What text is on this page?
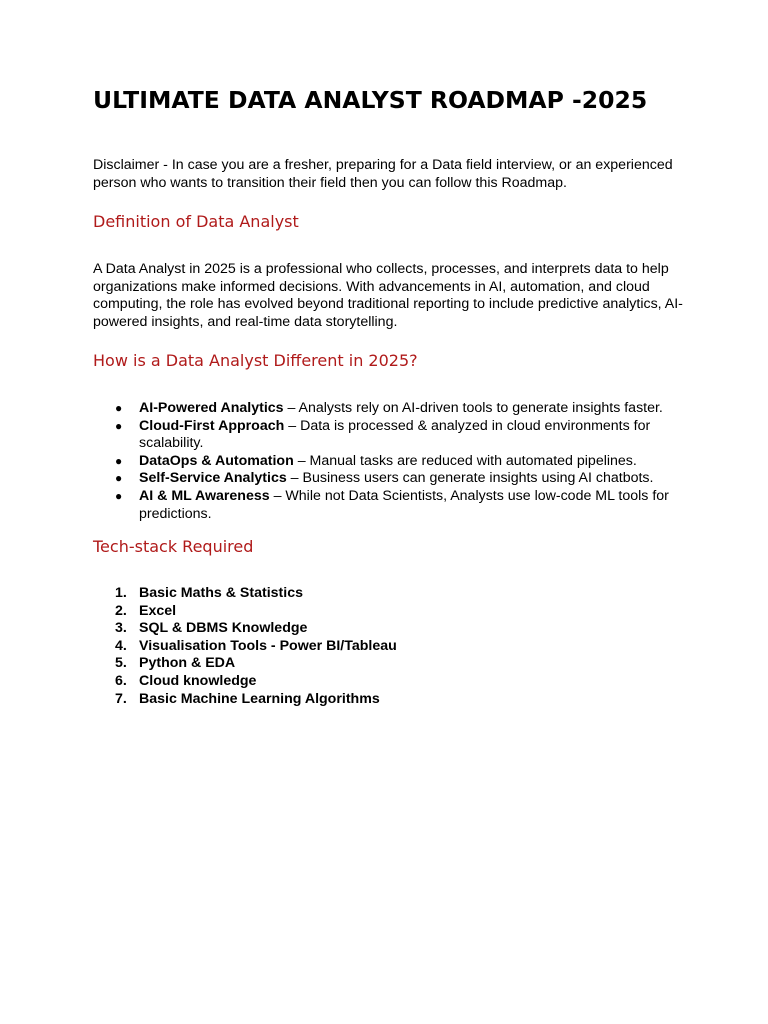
ULTIMATE DATA ANALYST ROADMAP -2025

Disclaimer - In case you are a fresher, preparing for a Data field interview, or an experienced person who wants to transition their field then you can follow this Roadmap.

Definition of Data Analyst

A Data Analyst in 2025 is a professional who collects, processes, and interprets data to help organizations make informed decisions. With advancements in AI, automation, and cloud computing, the role has evolved beyond traditional reporting to include predictive analytics, AI-powered insights, and real-time data storytelling.

How is a Data Analyst Different in 2025?
● AI-Powered Analytics – Analysts rely on AI-driven tools to generate insights faster.
● Cloud-First Approach – Data is processed & analyzed in cloud environments for scalability.
● DataOps & Automation – Manual tasks are reduced with automated pipelines.
● Self-Service Analytics – Business users can generate insights using AI chatbots.
● AI & ML Awareness – While not Data Scientists, Analysts use low-code ML tools for predictions.
Tech-stack Required
1. Basic Maths & Statistics
2. Excel
3. SQL & DBMS Knowledge
4. Visualisation Tools - Power BI/Tableau
5. Python & EDA
6. Cloud knowledge
7. Basic Machine Learning Algorithms
